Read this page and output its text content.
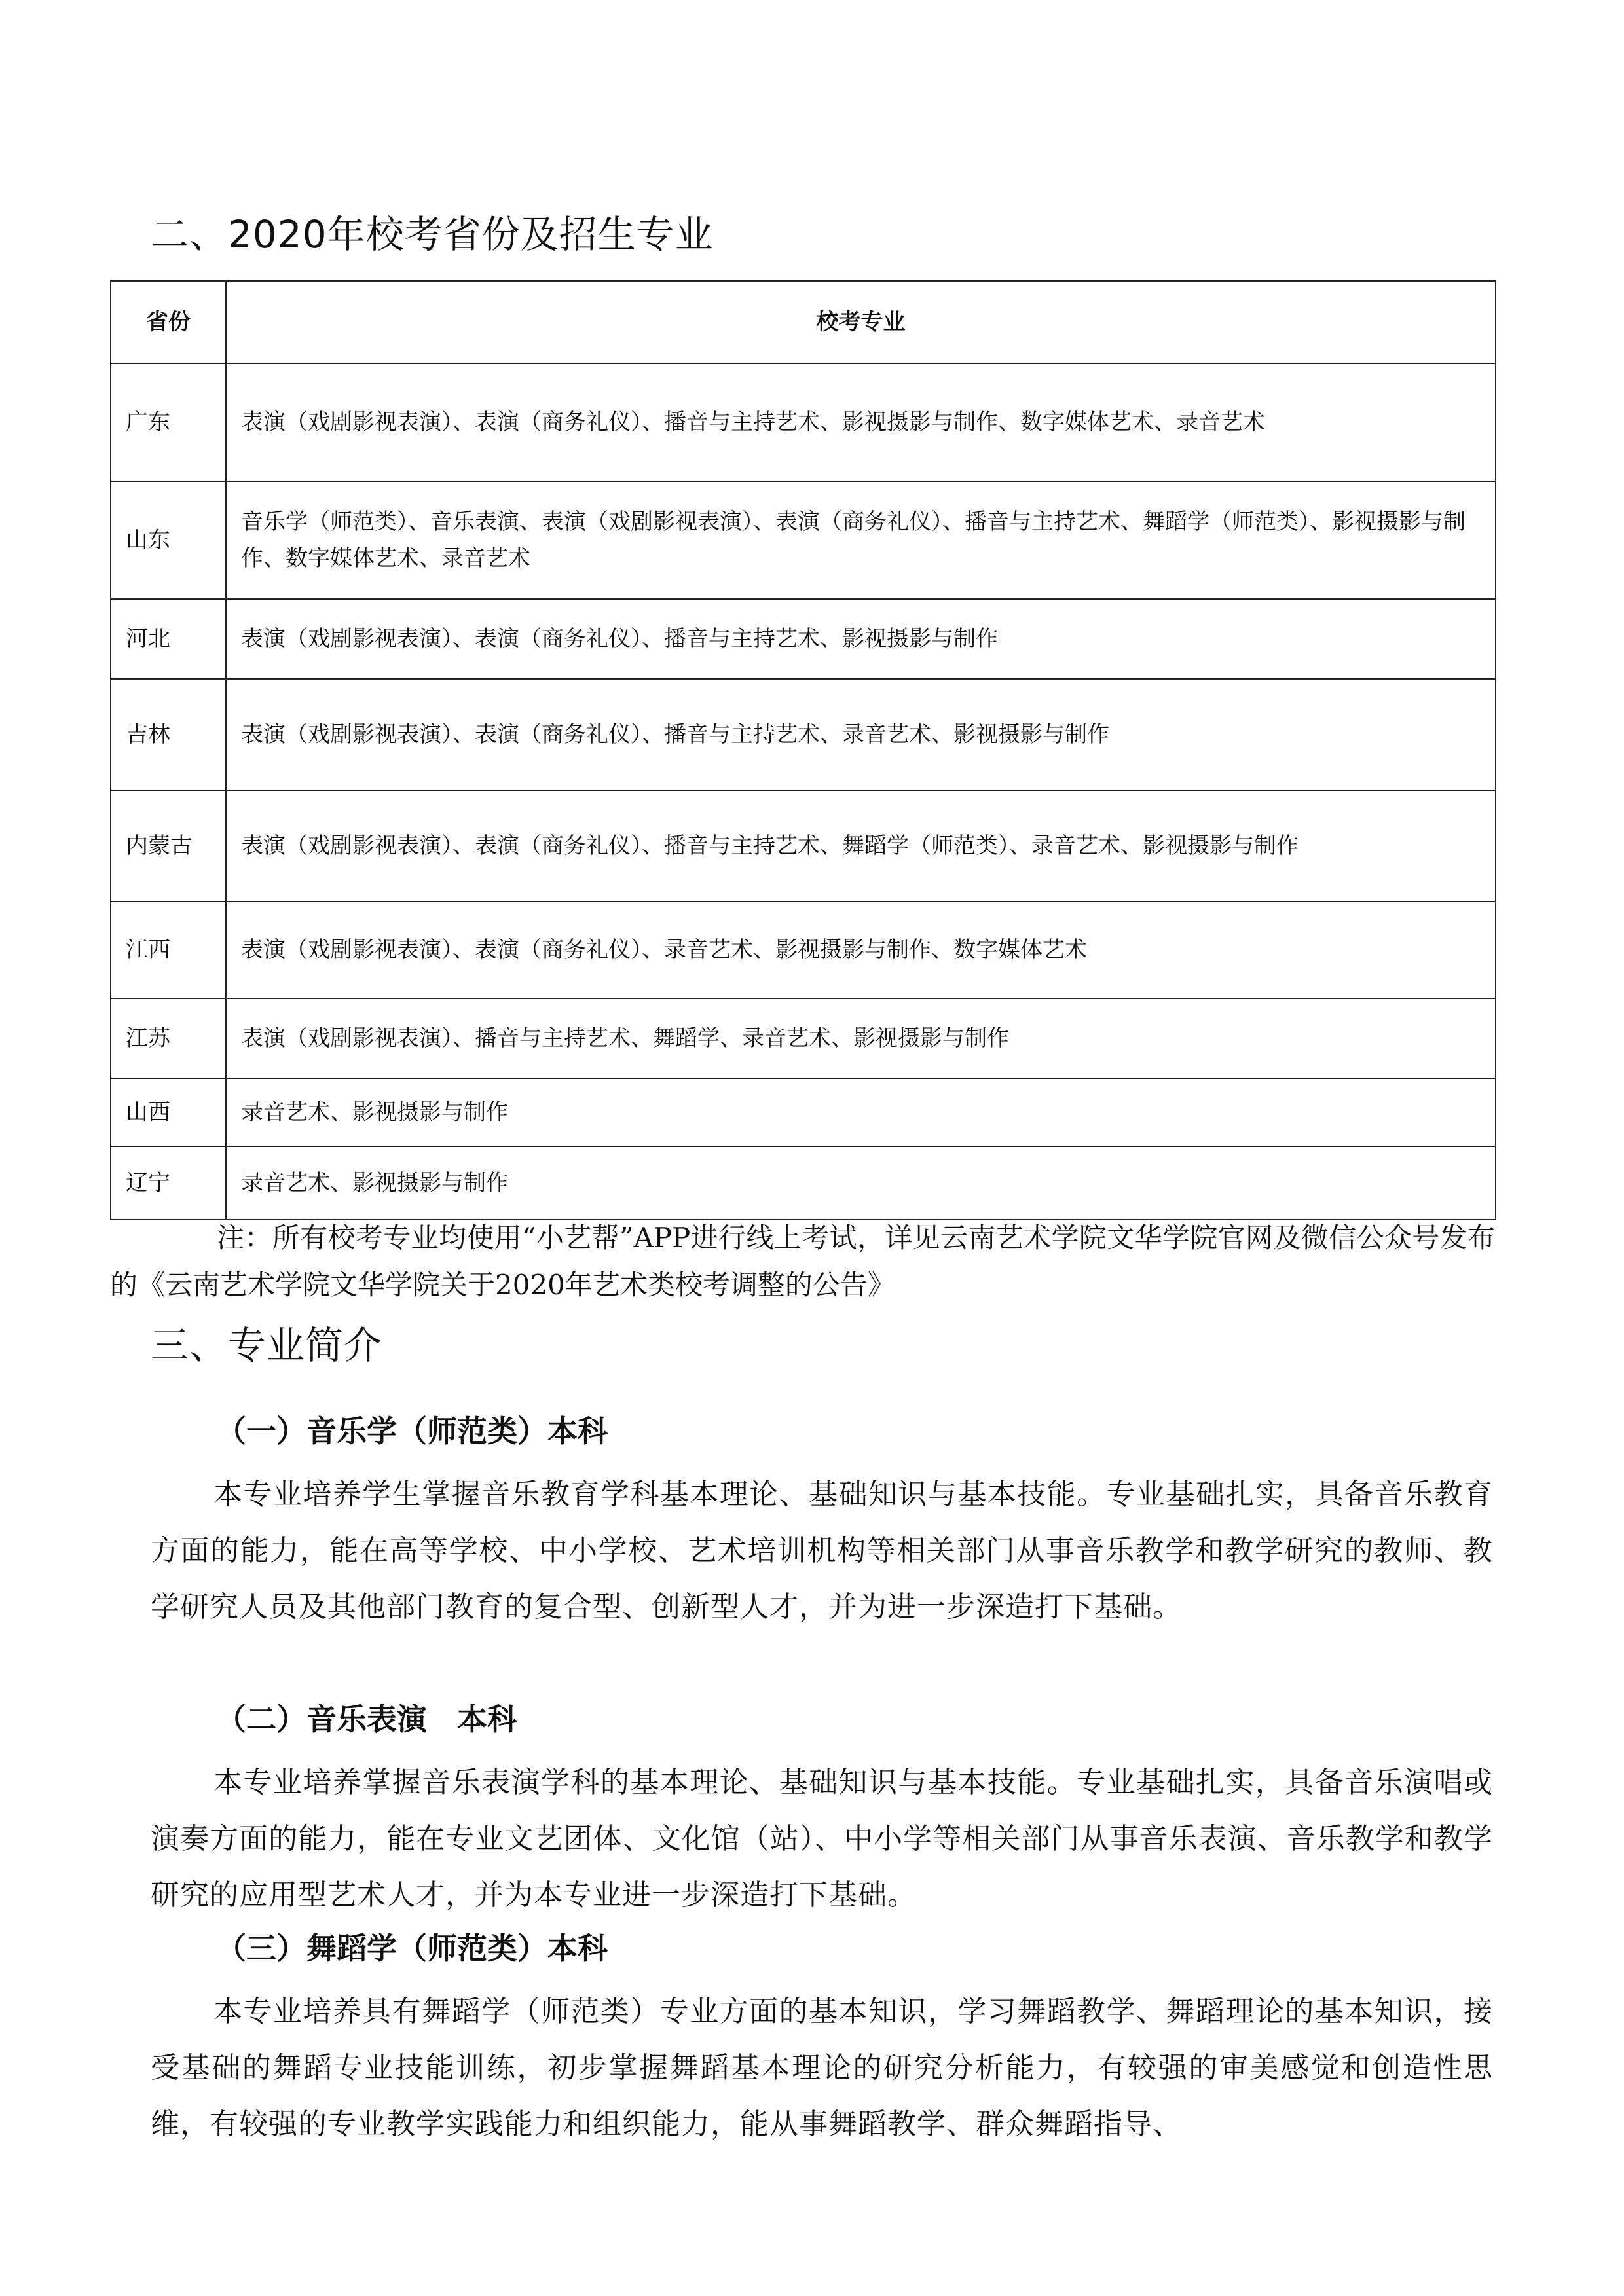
二、2020年校考省份及招生专业
省份	校考专业
广东	表演（戏剧影视表演）、表演（商务礼仪）、播音与主持艺术、影视摄影与制作、数字媒体艺术、录音艺术
山东	音乐学（师范类）、音乐表演、表演（戏剧影视表演）、表演（商务礼仪）、播音与主持艺术、舞蹈学（师范类）、影视摄影与制作、数字媒体艺术、录音艺术
河北	表演（戏剧影视表演）、表演（商务礼仪）、播音与主持艺术、影视摄影与制作
吉林	表演（戏剧影视表演）、表演（商务礼仪）、播音与主持艺术、录音艺术、影视摄影与制作
内蒙古	表演（戏剧影视表演）、表演（商务礼仪）、播音与主持艺术、舞蹈学（师范类）、录音艺术、影视摄影与制作
江西	表演（戏剧影视表演）、表演（商务礼仪）、录音艺术、影视摄影与制作、数字媒体艺术
江苏	表演（戏剧影视表演）、播音与主持艺术、舞蹈学、录音艺术、影视摄影与制作
山西	录音艺术、影视摄影与制作
辽宁	录音艺术、影视摄影与制作
注：所有校考专业均使用“小艺帮”APP进行线上考试，详见云南艺术学院文华学院官网及微信公众号发布的《云南艺术学院文华学院关于2020年艺术类校考调整的公告》
三、专业简介
（一）音乐学（师范类）本科
本专业培养学生掌握音乐教育学科基本理论、基础知识与基本技能。专业基础扎实，具备音乐教育方面的能力，能在高等学校、中小学校、艺术培训机构等相关部门从事音乐教学和教学研究的教师、教学研究人员及其他部门教育的复合型、创新型人才，并为进一步深造打下基础。
（二）音乐表演　本科
本专业培养掌握音乐表演学科的基本理论、基础知识与基本技能。专业基础扎实，具备音乐演唱或演奏方面的能力，能在专业文艺团体、文化馆（站）、中小学等相关部门从事音乐表演、音乐教学和教学研究的应用型艺术人才，并为本专业进一步深造打下基础。
（三）舞蹈学（师范类）本科
本专业培养具有舞蹈学（师范类）专业方面的基本知识，学习舞蹈教学、舞蹈理论的基本知识，接受基础的舞蹈专业技能训练，初步掌握舞蹈基本理论的研究分析能力，有较强的审美感觉和创造性思维，有较强的专业教学实践能力和组织能力，能从事舞蹈教学、群众舞蹈指导、
